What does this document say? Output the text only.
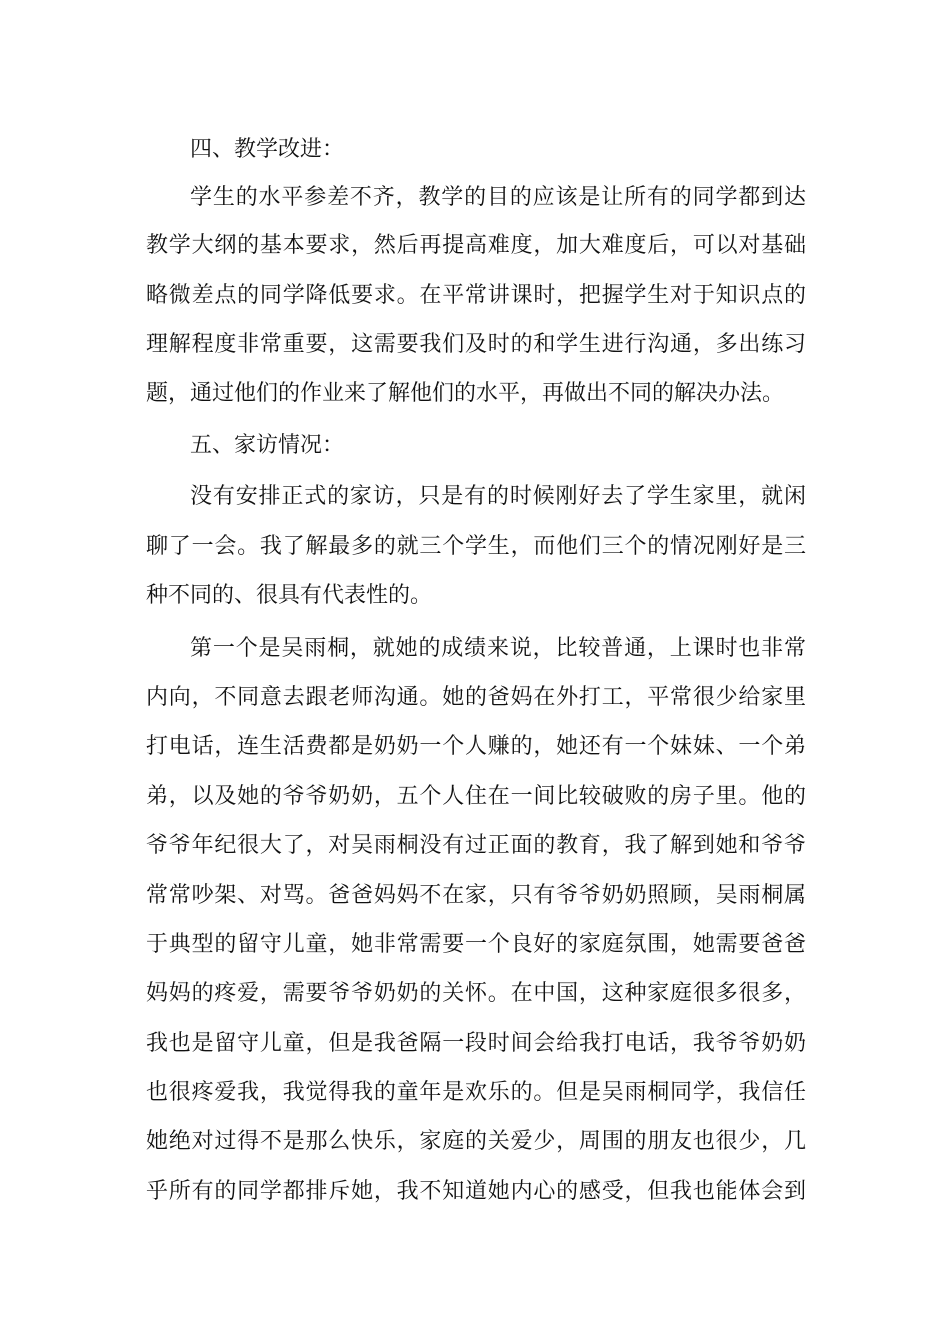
四、教学改进：
学生的水平参差不齐，教学的目的应该是让所有的同学都到达
教学大纲的基本要求，然后再提高难度，加大难度后，可以对基础
略微差点的同学降低要求。在平常讲课时，把握学生对于知识点的
理解程度非常重要，这需要我们及时的和学生进行沟通，多出练习
题，通过他们的作业来了解他们的水平，再做出不同的解决办法。
五、家访情况：
没有安排正式的家访，只是有的时候刚好去了学生家里，就闲
聊了一会。我了解最多的就三个学生，而他们三个的情况刚好是三
种不同的、很具有代表性的。
第一个是吴雨桐，就她的成绩来说，比较普通，上课时也非常
内向，不同意去跟老师沟通。她的爸妈在外打工，平常很少给家里
打电话，连生活费都是奶奶一个人赚的，她还有一个妹妹、一个弟
弟，以及她的爷爷奶奶，五个人住在一间比较破败的房子里。他的
爷爷年纪很大了，对吴雨桐没有过正面的教育，我了解到她和爷爷
常常吵架、对骂。爸爸妈妈不在家，只有爷爷奶奶照顾，吴雨桐属
于典型的留守儿童，她非常需要一个良好的家庭氛围，她需要爸爸
妈妈的疼爱，需要爷爷奶奶的关怀。在中国，这种家庭很多很多，
我也是留守儿童，但是我爸隔一段时间会给我打电话，我爷爷奶奶
也很疼爱我，我觉得我的童年是欢乐的。但是吴雨桐同学，我信任
她绝对过得不是那么快乐，家庭的关爱少，周围的朋友也很少，几
乎所有的同学都排斥她，我不知道她内心的感受，但我也能体会到
